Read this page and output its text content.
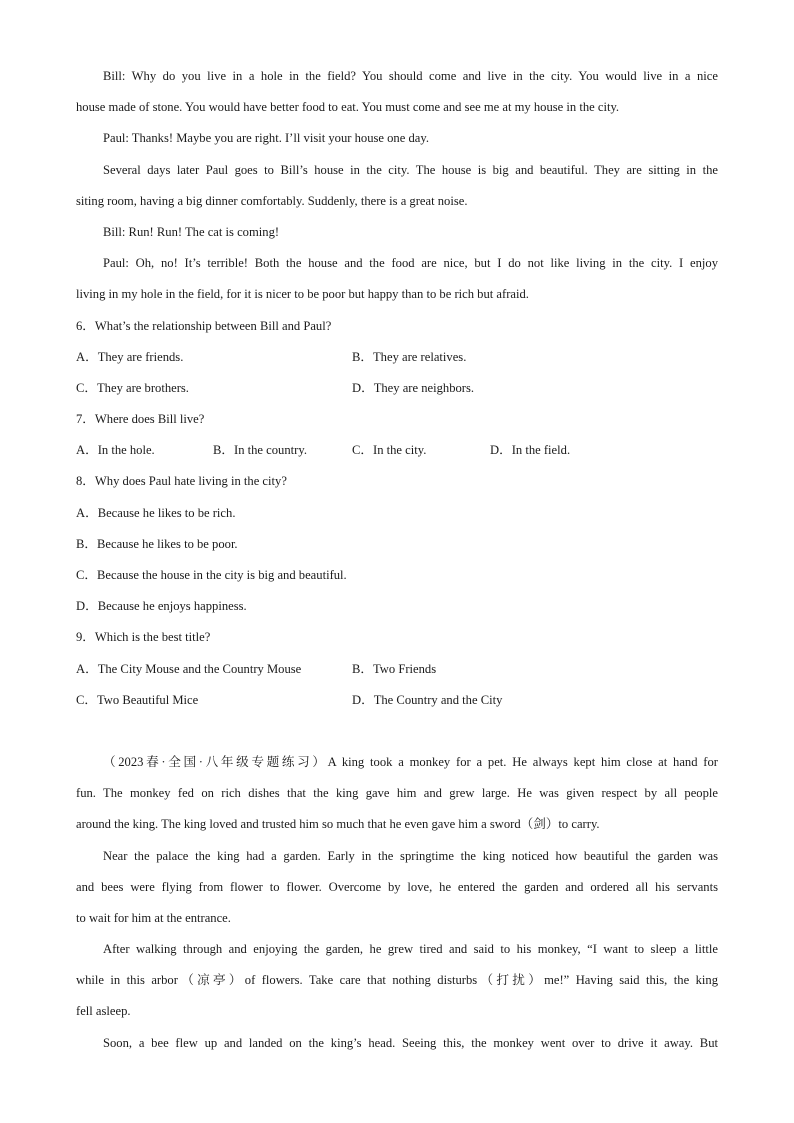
Bill: Why do you live in a hole in the field? You should come and live in the city. You would live in a nice
house made of stone. You would have better food to eat. You must come and see me at my house in the city.
Paul: Thanks! Maybe you are right. I’ll visit your house one day.
Several days later Paul goes to Bill’s house in the city. The house is big and beautiful. They are sitting in the
siting room, having a big dinner comfortably. Suddenly, there is a great noise.
Bill: Run! Run! The cat is coming!
Paul: Oh, no! It’s terrible! Both the house and the food are nice, but I do not like living in the city. I enjoy
living in my hole in the field, for it is nicer to be poor but happy than to be rich but afraid.
6．What’s the relationship between Bill and Paul?
A．They are friends.	B．They are relatives.
C．They are brothers.	D．They are neighbors.
7．Where does Bill live?
A．In the hole.	B．In the country.	C．In the city.	D．In the field.
8．Why does Paul hate living in the city?
A．Because he likes to be rich.
B．Because he likes to be poor.
C．Because the house in the city is big and beautiful.
D．Because he enjoys happiness.
9．Which is the best title?
A．The City Mouse and the Country Mouse	B．Two Friends
C．Two Beautiful Mice	D．The Country and the City
（2023春·全国·八年级专题练习）A king took a monkey for a pet. He always kept him close at hand for
fun. The monkey fed on rich dishes that the king gave him and grew large. He was given respect by all people
around the king. The king loved and trusted him so much that he even gave him a sword（剑）to carry.
Near the palace the king had a garden. Early in the springtime the king noticed how beautiful the garden was
and bees were flying from flower to flower. Overcome by love, he entered the garden and ordered all his servants
to wait for him at the entrance.
After walking through and enjoying the garden, he grew tired and said to his monkey, “I want to sleep a little
while in this arbor（凉亭）of flowers. Take care that nothing disturbs（打扰）me!” Having said this, the king
fell asleep.
Soon, a bee flew up and landed on the king’s head. Seeing this, the monkey went over to drive it away. But
